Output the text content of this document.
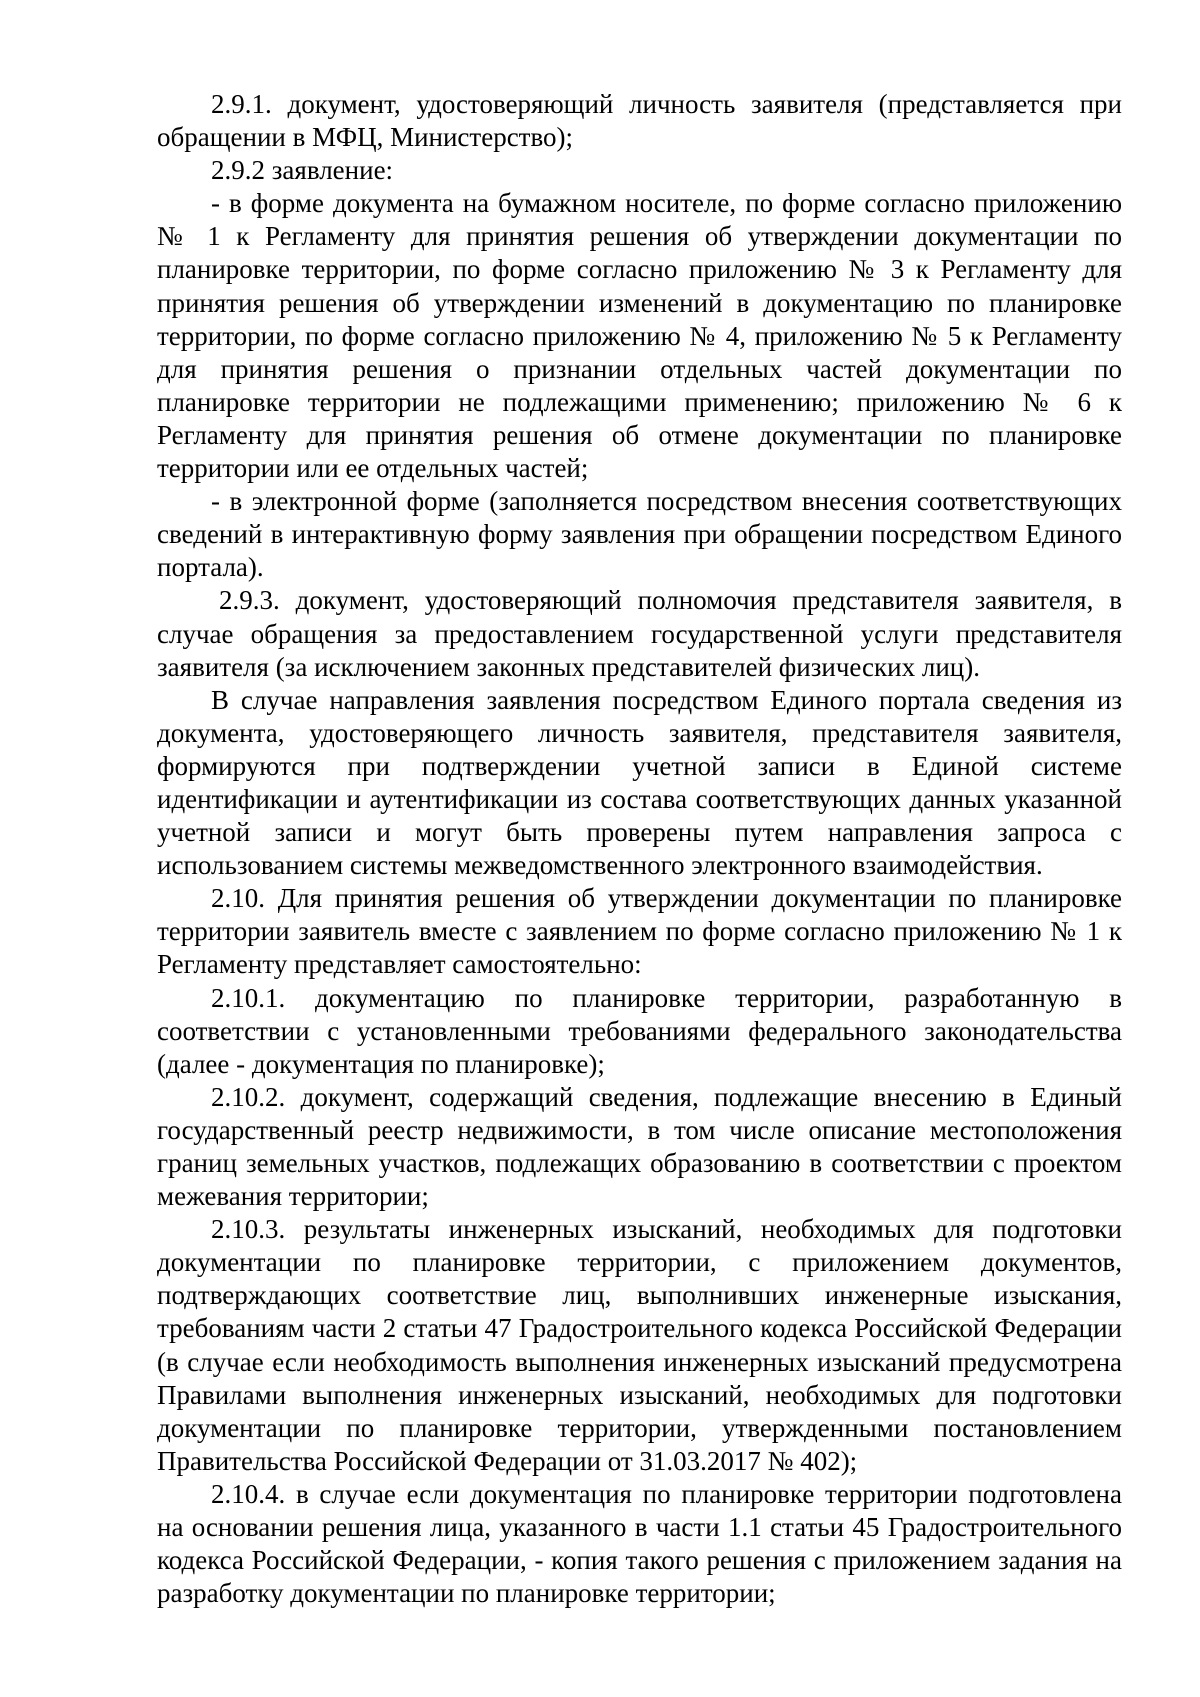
2.9.1. документ, удостоверяющий личность заявителя (представляется при обращении в МФЦ, Министерство);

2.9.2 заявление:

- в форме документа на бумажном носителе, по форме согласно приложению № 1 к Регламенту для принятия решения об утверждении документации по планировке территории, по форме согласно приложению № 3 к Регламенту для принятия решения об утверждении изменений в документацию по планировке территории, по форме согласно приложению № 4, приложению № 5 к Регламенту для принятия решения о признании отдельных частей документации по планировке территории не подлежащими применению; приложению № 6 к Регламенту для принятия решения об отмене документации по планировке территории или ее отдельных частей;

- в электронной форме (заполняется посредством внесения соответствующих сведений в интерактивную форму заявления при обращении посредством Единого портала).

2.9.3. документ, удостоверяющий полномочия представителя заявителя, в случае обращения за предоставлением государственной услуги представителя заявителя (за исключением законных представителей физических лиц).

В случае направления заявления посредством Единого портала сведения из документа, удостоверяющего личность заявителя, представителя заявителя, формируются при подтверждении учетной записи в Единой системе идентификации и аутентификации из состава соответствующих данных указанной учетной записи и могут быть проверены путем направления запроса с использованием системы межведомственного электронного взаимодействия.

2.10. Для принятия решения об утверждении документации по планировке территории заявитель вместе с заявлением по форме согласно приложению № 1 к Регламенту представляет самостоятельно:

2.10.1. документацию по планировке территории, разработанную в соответствии с установленными требованиями федерального законодательства (далее - документация по планировке);

2.10.2. документ, содержащий сведения, подлежащие внесению в Единый государственный реестр недвижимости, в том числе описание местоположения границ земельных участков, подлежащих образованию в соответствии с проектом межевания территории;

2.10.3. результаты инженерных изысканий, необходимых для подготовки документации по планировке территории, с приложением документов, подтверждающих соответствие лиц, выполнивших инженерные изыскания, требованиям части 2 статьи 47 Градостроительного кодекса Российской Федерации (в случае если необходимость выполнения инженерных изысканий предусмотрена Правилами выполнения инженерных изысканий, необходимых для подготовки документации по планировке территории, утвержденными постановлением Правительства Российской Федерации от 31.03.2017 № 402);

2.10.4. в случае если документация по планировке территории подготовлена на основании решения лица, указанного в части 1.1 статьи 45 Градостроительного кодекса Российской Федерации, - копия такого решения с приложением задания на разработку документации по планировке территории;
